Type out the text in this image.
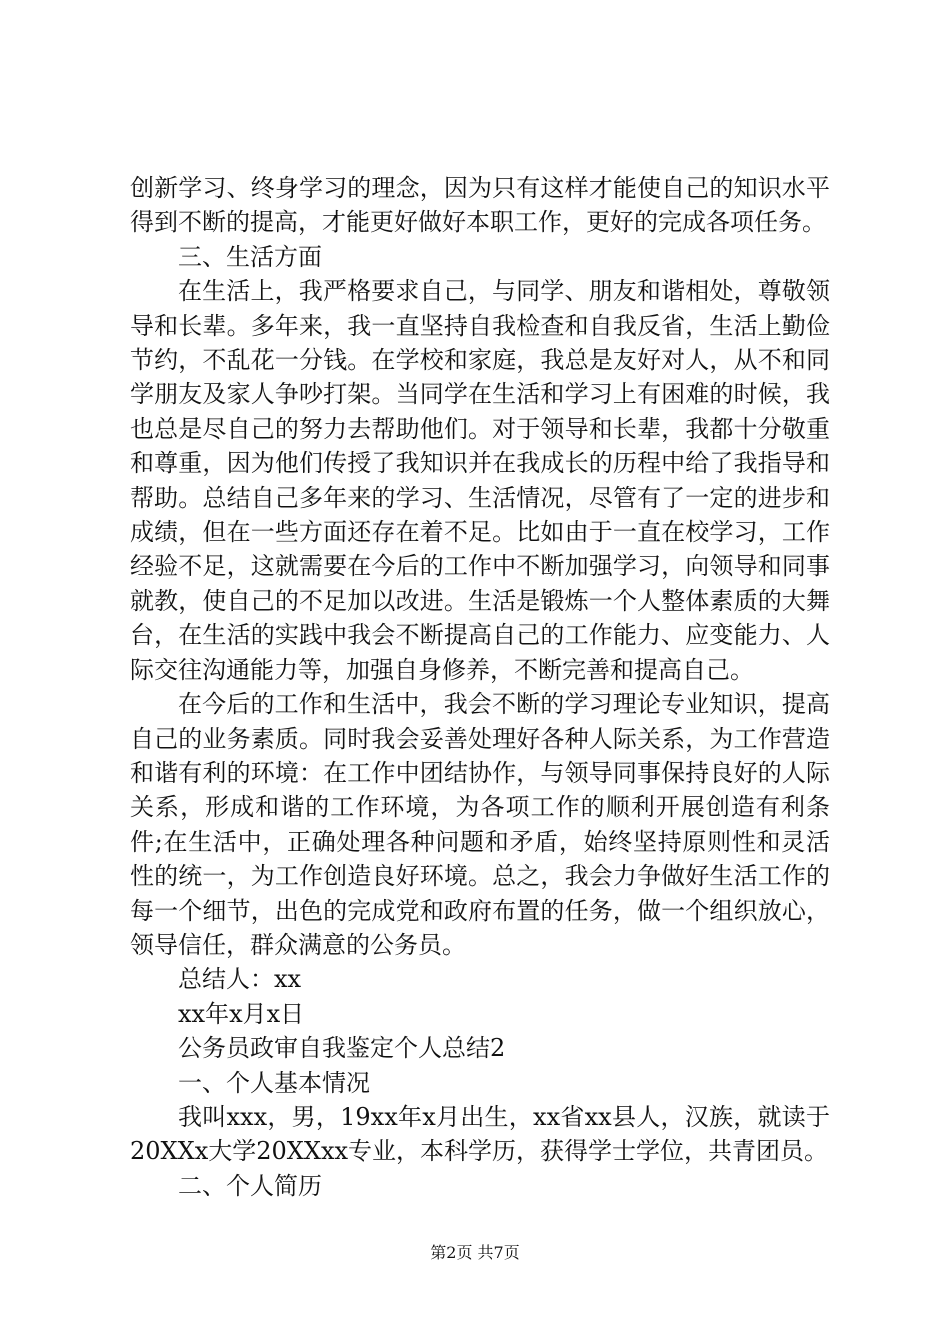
创新学习、终身学习的理念，因为只有这样才能使自己的知识水平得到不断的提高，才能更好做好本职工作，更好的完成各项任务。

三、生活方面

在生活上，我严格要求自己，与同学、朋友和谐相处，尊敬领导和长辈。多年来，我一直坚持自我检查和自我反省，生活上勤俭节约，不乱花一分钱。在学校和家庭，我总是友好对人，从不和同学朋友及家人争吵打架。当同学在生活和学习上有困难的时候，我也总是尽自己的努力去帮助他们。对于领导和长辈，我都十分敬重和尊重，因为他们传授了我知识并在我成长的历程中给了我指导和帮助。总结自己多年来的学习、生活情况，尽管有了一定的进步和成绩，但在一些方面还存在着不足。比如由于一直在校学习，工作经验不足，这就需要在今后的工作中不断加强学习，向领导和同事就教，使自己的不足加以改进。生活是锻炼一个人整体素质的大舞台，在生活的实践中我会不断提高自己的工作能力、应变能力、人际交往沟通能力等，加强自身修养，不断完善和提高自己。

在今后的工作和生活中，我会不断的学习理论专业知识，提高自己的业务素质。同时我会妥善处理好各种人际关系，为工作营造和谐有利的环境：在工作中团结协作，与领导同事保持良好的人际关系，形成和谐的工作环境，为各项工作的顺利开展创造有利条件;在生活中，正确处理各种问题和矛盾，始终坚持原则性和灵活性的统一，为工作创造良好环境。总之，我会力争做好生活工作的每一个细节，出色的完成党和政府布置的任务，做一个组织放心，领导信任，群众满意的公务员。

总结人：xx

xx年x月x日

公务员政审自我鉴定个人总结2

一、个人基本情况

我叫xxx，男，19xx年x月出生，xx省xx县人，汉族，就读于20XXx大学20XXxx专业，本科学历，获得学士学位，共青团员。

二、个人简历

第2页 共7页
